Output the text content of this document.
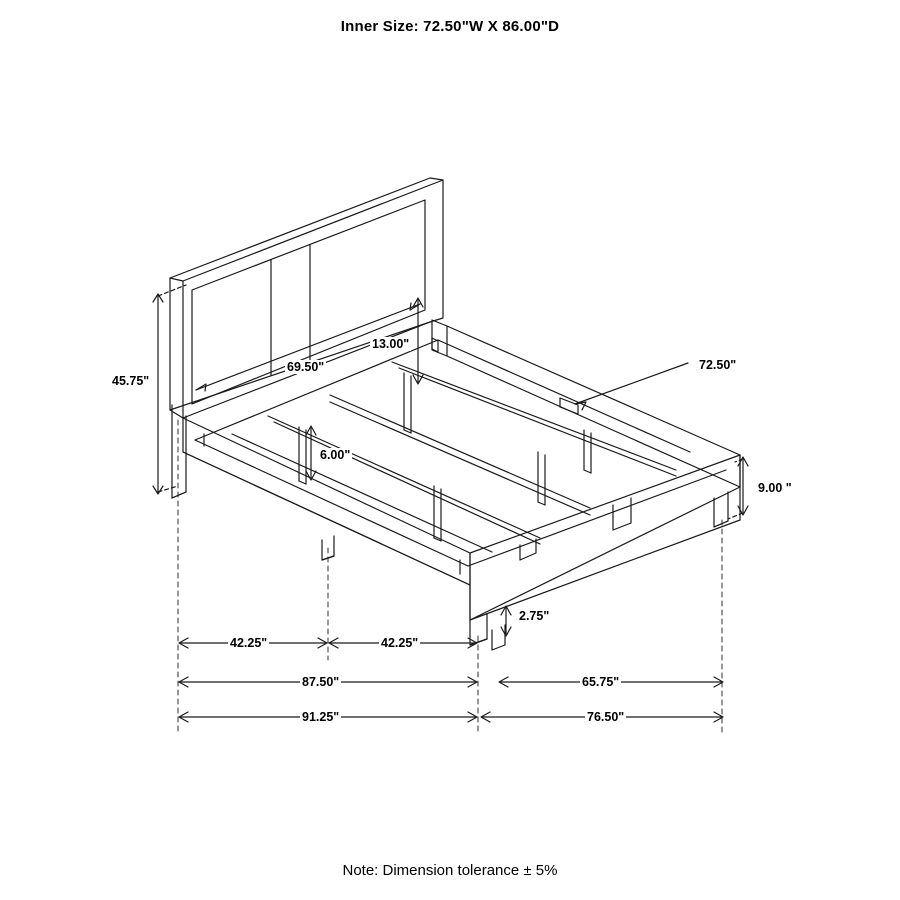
Inner Size: 72.50"W X 86.00"D
45.75"
69.50"
13.00"
72.50"
6.00"
9.00 "
2.75"
42.25"	42.25"
87.50"	65.75"
91.25"	76.50"
Note: Dimension tolerance ± 5%
